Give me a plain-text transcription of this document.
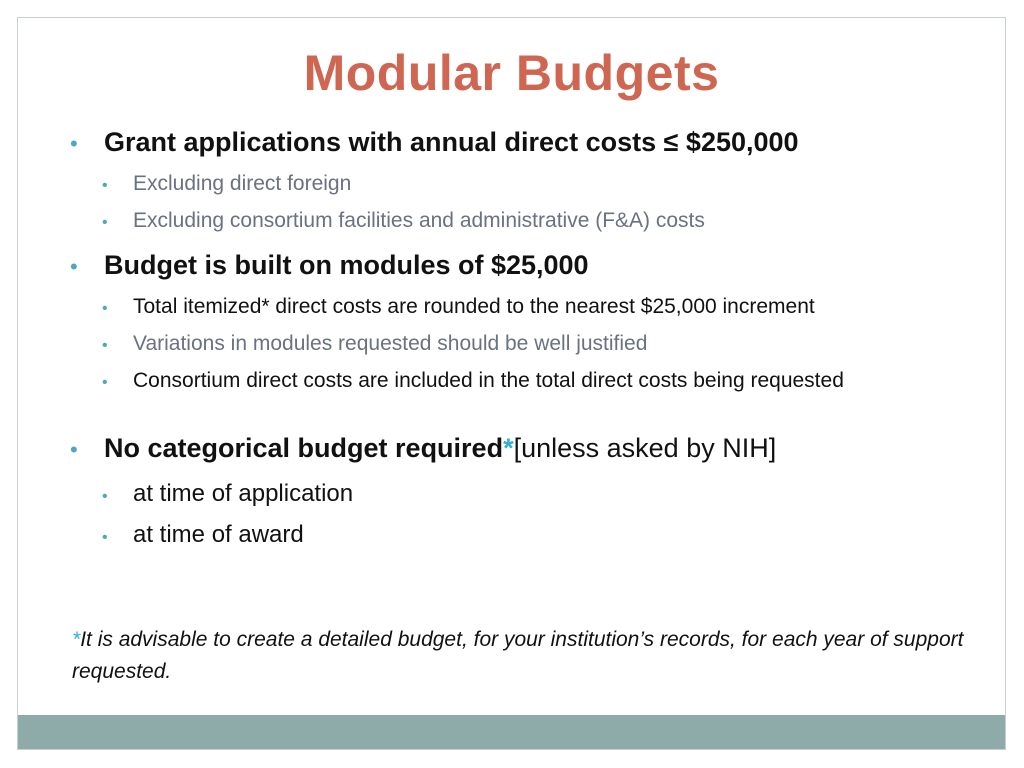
Modular Budgets
• Grant applications with annual direct costs ≤ $250,000
•	Excluding direct foreign
•	Excluding consortium facilities and administrative (F&A) costs
• Budget is built on modules of $25,000
•	Total itemized* direct costs are rounded to the nearest $25,000 increment
•	Variations in modules requested should be well justified
•	Consortium direct costs are included in the total direct costs being requested
• No categorical budget required * [unless asked by NIH]
•	at time of application
•	at time of award
*It is advisable to create a detailed budget, for your institution’s records, for each year of support requested.
